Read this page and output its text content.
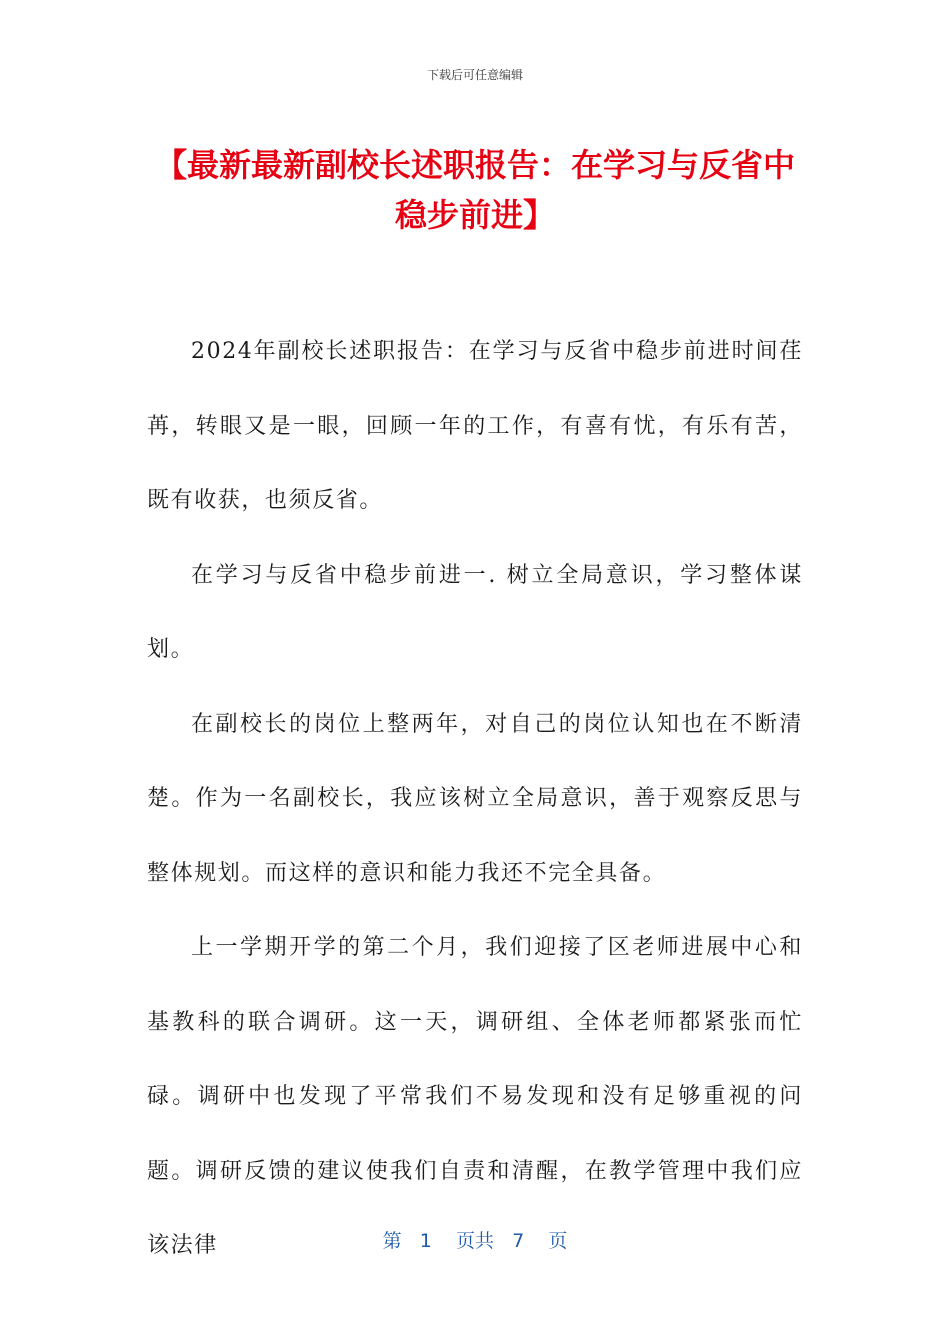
下载后可任意编辑
【最新最新副校长述职报告：在学习与反省中稳步前进】

2024年副校长述职报告：在学习与反省中稳步前进时间荏苒，转眼又是一眼，回顾一年的工作，有喜有忧，有乐有苦，既有收获，也须反省。

在学习与反省中稳步前进一. 树立全局意识，学习整体谋划。

在副校长的岗位上整两年，对自己的岗位认知也在不断清楚。作为一名副校长，我应该树立全局意识，善于观察反思与整体规划。而这样的意识和能力我还不完全具备。

上一学期开学的第二个月，我们迎接了区老师进展中心和基教科的联合调研。这一天，调研组、全体老师都紧张而忙碌。调研中也发现了平常我们不易发现和没有足够重视的问题。调研反馈的建议使我们自责和清醒，在教学管理中我们应该法律	第 1 页共 7 页
